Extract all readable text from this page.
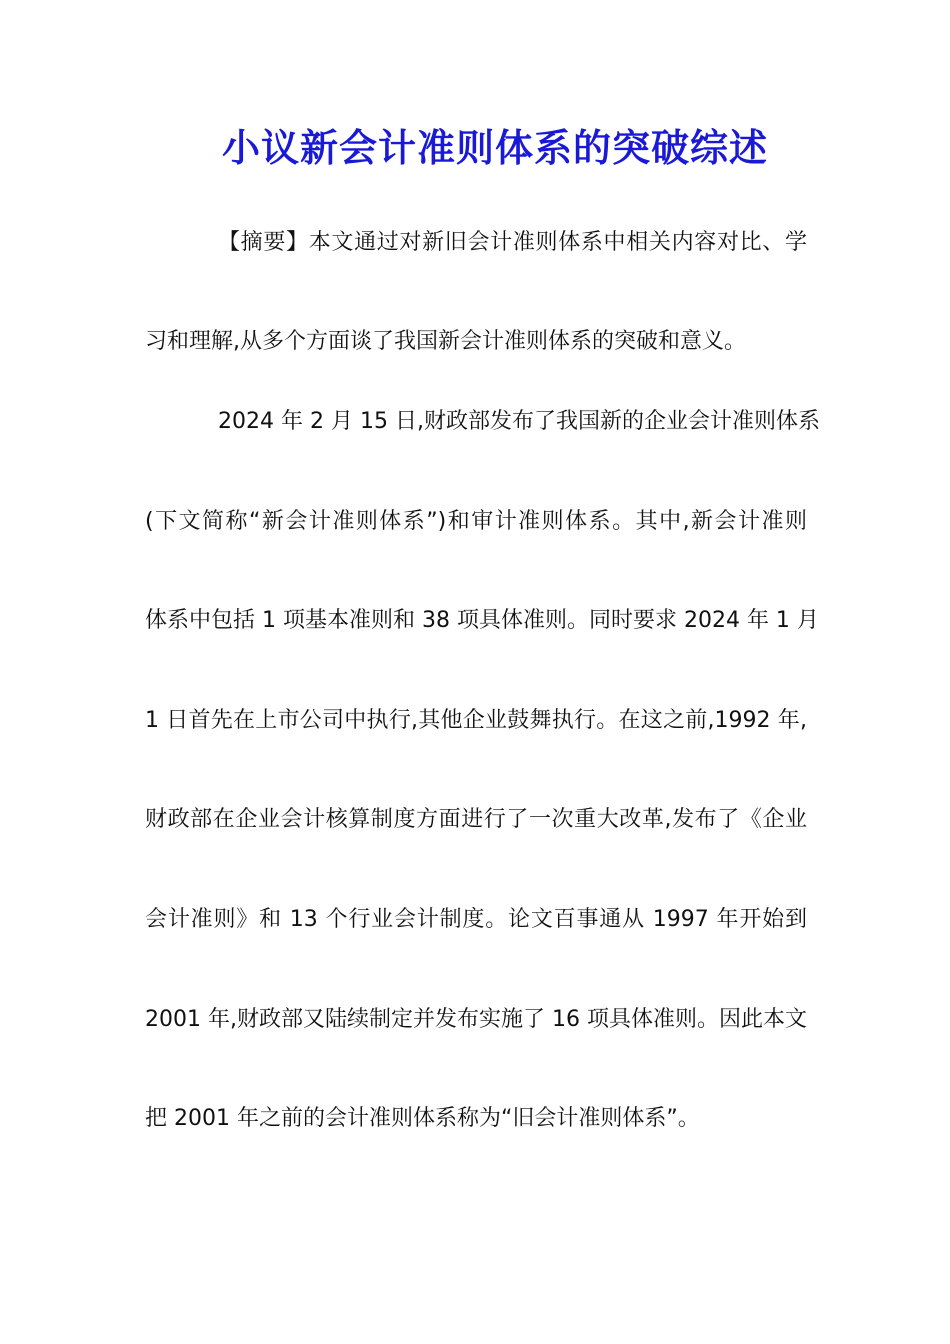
小议新会计准则体系的突破综述
【摘要】本文通过对新旧会计准则体系中相关内容对比、学
习和理解,从多个方面谈了我国新会计准则体系的突破和意义。
2024 年 2 月 15 日,财政部发布了我国新的企业会计准则体系
(下文简称“新会计准则体系”)和审计准则体系。其中,新会计准则
体系中包括 1 项基本准则和 38 项具体准则。同时要求 2024 年 1 月
1 日首先在上市公司中执行,其他企业鼓舞执行。在这之前,1992 年,
财政部在企业会计核算制度方面进行了一次重大改革,发布了《企业
会计准则》和 13 个行业会计制度。论文百事通从 1997 年开始到
2001 年,财政部又陆续制定并发布实施了 16 项具体准则。因此本文
把 2001 年之前的会计准则体系称为“旧会计准则体系”。
